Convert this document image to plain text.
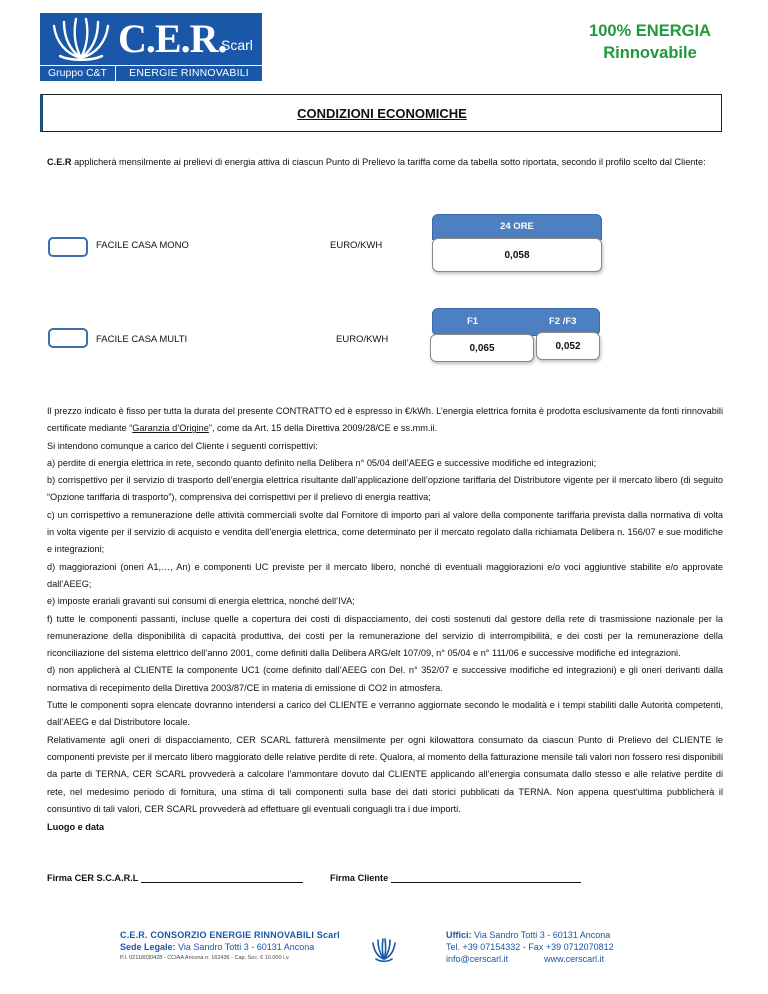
C.E.R.
Scarl
Gruppo C&T	ENERGIE RINNOVABILI
100% ENERGIA
Rinnovabile
CONDIZIONI ECONOMICHE
C.E.R applicherà mensilmente ai prelievi di energia attiva di ciascun Punto di Prelievo la tariffa come da tabella sotto riportata, secondo il profilo scelto dal Cliente:
FACILE CASA MONO	EURO/KWH
24 ORE
0,058
FACILE CASA MULTI	EURO/KWH
F1	F2 /F3
0,065	0,052

Il prezzo indicato è fisso per tutta la durata del presente CONTRATTO ed è espresso in €/kWh. L’energia elettrica fornita è prodotta esclusivamente da fonti rinnovabili certificate mediante “Garanzia d’Origine”, come da Art. 15 della Direttiva 2009/28/CE e ss.mm.ii.

Si intendono comunque a carico del Cliente i seguenti corrispettivi:

a) perdite di energia elettrica in rete, secondo quanto definito nella Delibera n° 05/04 dell’AEEG e successive modifiche ed integrazioni;

b) corrispettivo per il servizio di trasporto dell’energia elettrica risultante dall’applicazione dell’opzione tariffaria del Distributore vigente per il mercato libero (di seguito “Opzione tariffaria di trasporto”), comprensiva dei corrispettivi per il prelievo di energia reattiva;

c) un corrispettivo a remunerazione delle attività commerciali svolte dal Fornitore di importo pari al valore della componente tariffaria prevista dalla normativa di volta in volta vigente per il servizio di acquisto e vendita dell’energia elettrica, come determinato per il mercato regolato dalla richiamata Delibera n. 156/07 e sue modifiche e integrazioni;

d) maggiorazioni (oneri A1,…, An) e componenti UC previste per il mercato libero, nonché di eventuali maggiorazioni e/o voci aggiuntive stabilite e/o approvate dall’AEEG;

e) imposte erariali gravanti sui consumi di energia elettrica, nonché dell’IVA;

f) tutte le componenti passanti, incluse quelle a copertura dei costi di dispacciamento, dei costi sostenuti dal gestore della rete di trasmissione nazionale per la remunerazione della disponibilità di capacità produttiva, dei costi per la remunerazione del servizio di interrompibilità, e dei costi per la remunerazione della riconciliazione del sistema elettrico dell’anno 2001, come definiti dalla Delibera ARG/elt 107/09, n° 05/04 e n° 111/06 e successive modifiche ed integrazioni.

d) non applicherà al CLIENTE la componente UC1 (come definito dall’AEEG con Del. n° 352/07 e successive modifiche ed integrazioni) e gli oneri derivanti dalla normativa di recepimento della Direttiva 2003/87/CE in materia di emissione di CO2 in atmosfera.

Tutte le componenti sopra elencate dovranno intendersi a carico del CLIENTE e verranno aggiornate secondo le modalità e i tempi stabiliti dalle Autorità competenti, dall’AEEG e dal Distributore locale.

Relativamente agli oneri di dispacciamento, CER SCARL fatturerà mensilmente per ogni kilowattora consumato da ciascun Punto di Prelievo del CLIENTE le componenti previste per il mercato libero maggiorato delle relative perdite di rete. Qualora, al momento della fatturazione mensile tali valori non fossero resi disponibili da parte di TERNA, CER SCARL provvederà a calcolare l’ammontare dovuto dal CLIENTE applicando all’energia consumata dallo stesso e alle relative perdite di rete, nel medesimo periodo di fornitura, una stima di tali componenti sulla base dei dati storici pubblicati da TERNA. Non appena quest’ultima pubblicherà il consuntivo di tali valori, CER SCARL provvederà ad effettuare gli eventuali conguagli tra i due importi.

Luogo e data
Firma CER S.C.A.R.L	Firma Cliente
C.E.R. CONSORZIO ENERGIE RINNOVABILI Scarl
Sede Legale: Via Sandro Totti 3 - 60131 Ancona
P.I. 02118030428 - CCIAA Ancona n. 162436 - Cap. Soc. € 10.000 i.v.
Uffici: Via Sandro Totti 3 - 60131 Ancona
Tel. +39 07154332 - Fax +39 0712070812
info@cerscarl.it	www.cerscarl.it
